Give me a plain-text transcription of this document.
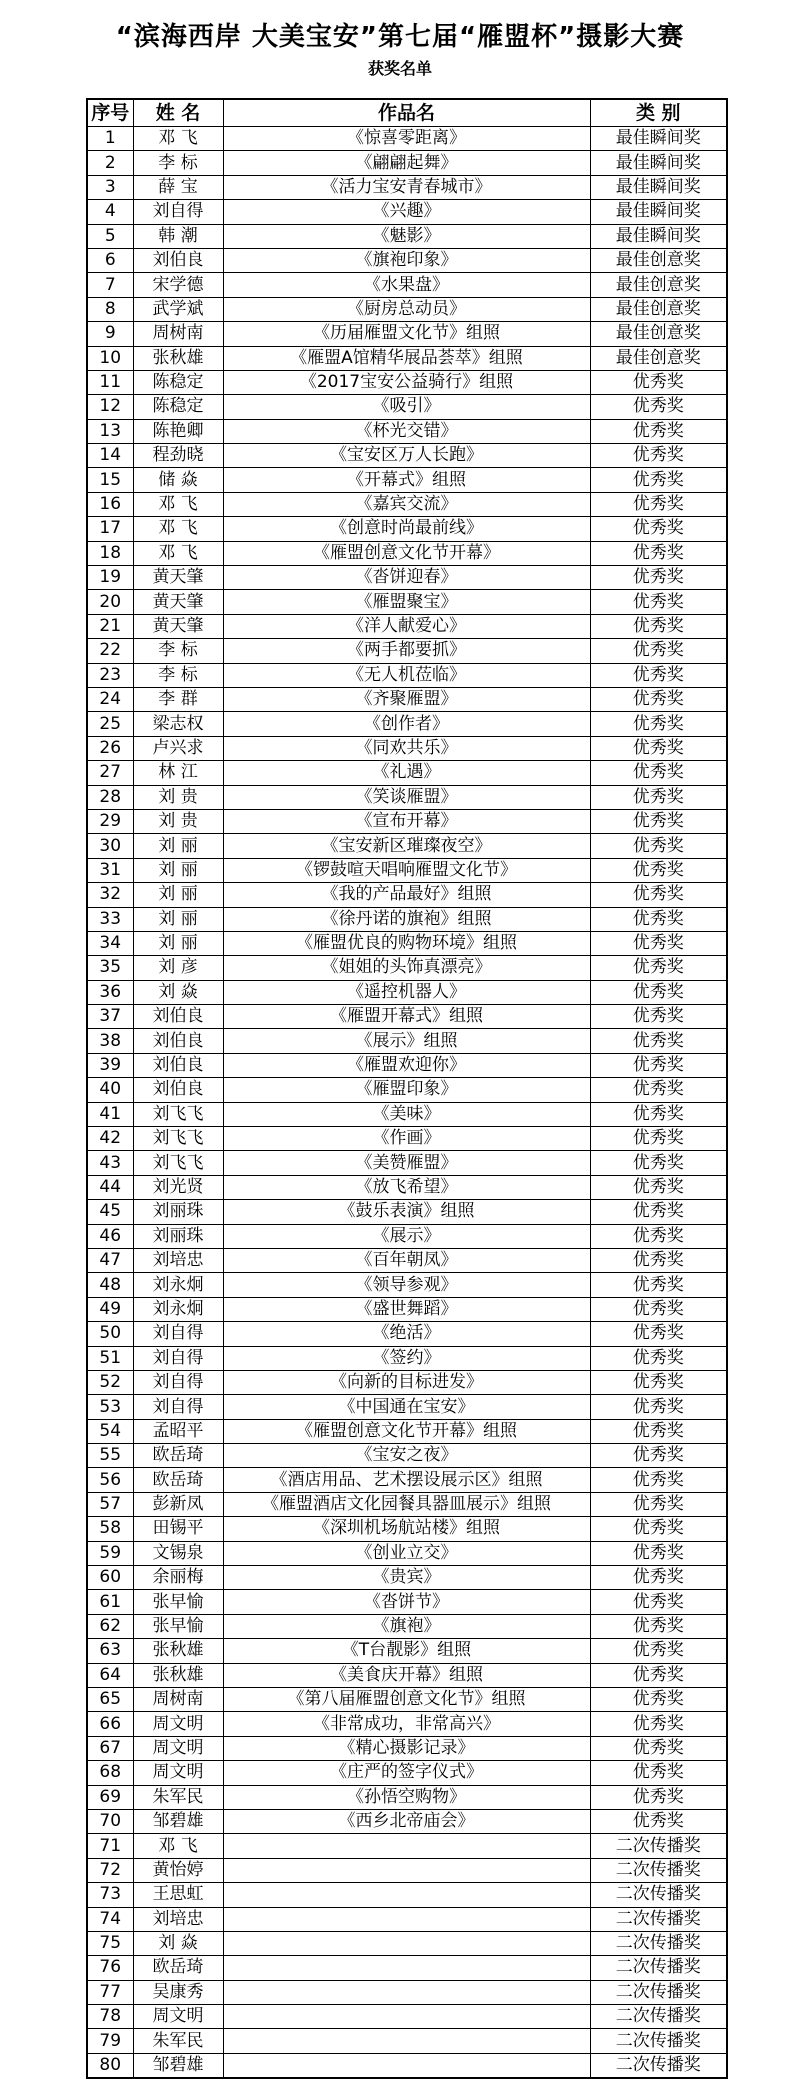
“滨海西岸 大美宝安”第七届“雁盟杯”摄影大赛
获奖名单
序号	姓 名	作品名	类 别
1	邓 飞	《惊喜零距离》	最佳瞬间奖
2	李 标	《翩翩起舞》	最佳瞬间奖
3	薛 宝	《活力宝安青春城市》	最佳瞬间奖
4	刘自得	《兴趣》	最佳瞬间奖
5	韩 潮	《魅影》	最佳瞬间奖
6	刘伯良	《旗袍印象》	最佳创意奖
7	宋学德	《水果盘》	最佳创意奖
8	武学斌	《厨房总动员》	最佳创意奖
9	周树南	《历届雁盟文化节》组照	最佳创意奖
10	张秋雄	《雁盟A馆精华展品荟萃》组照	最佳创意奖
11	陈稳定	《2017宝安公益骑行》组照	优秀奖
12	陈稳定	《吸引》	优秀奖
13	陈艳卿	《杯光交错》	优秀奖
14	程劲晓	《宝安区万人长跑》	优秀奖
15	储 焱	《开幕式》组照	优秀奖
16	邓 飞	《嘉宾交流》	优秀奖
17	邓 飞	《创意时尚最前线》	优秀奖
18	邓 飞	《雁盟创意文化节开幕》	优秀奖
19	黄天肇	《沓饼迎春》	优秀奖
20	黄天肇	《雁盟聚宝》	优秀奖
21	黄天肇	《洋人献爱心》	优秀奖
22	李 标	《两手都要抓》	优秀奖
23	李 标	《无人机莅临》	优秀奖
24	李 群	《齐聚雁盟》	优秀奖
25	梁志权	《创作者》	优秀奖
26	卢兴求	《同欢共乐》	优秀奖
27	林 江	《礼遇》	优秀奖
28	刘 贵	《笑谈雁盟》	优秀奖
29	刘 贵	《宣布开幕》	优秀奖
30	刘 丽	《宝安新区璀璨夜空》	优秀奖
31	刘 丽	《锣鼓喧天唱响雁盟文化节》	优秀奖
32	刘 丽	《我的产品最好》组照	优秀奖
33	刘 丽	《徐丹诺的旗袍》组照	优秀奖
34	刘 丽	《雁盟优良的购物环境》组照	优秀奖
35	刘 彦	《姐姐的头饰真漂亮》	优秀奖
36	刘 焱	《遥控机器人》	优秀奖
37	刘伯良	《雁盟开幕式》组照	优秀奖
38	刘伯良	《展示》组照	优秀奖
39	刘伯良	《雁盟欢迎你》	优秀奖
40	刘伯良	《雁盟印象》	优秀奖
41	刘飞飞	《美味》	优秀奖
42	刘飞飞	《作画》	优秀奖
43	刘飞飞	《美赞雁盟》	优秀奖
44	刘光贤	《放飞希望》	优秀奖
45	刘丽珠	《鼓乐表演》组照	优秀奖
46	刘丽珠	《展示》	优秀奖
47	刘培忠	《百年朝凤》	优秀奖
48	刘永炯	《领导参观》	优秀奖
49	刘永炯	《盛世舞蹈》	优秀奖
50	刘自得	《绝活》	优秀奖
51	刘自得	《签约》	优秀奖
52	刘自得	《向新的目标进发》	优秀奖
53	刘自得	《中国通在宝安》	优秀奖
54	孟昭平	《雁盟创意文化节开幕》组照	优秀奖
55	欧岳琦	《宝安之夜》	优秀奖
56	欧岳琦	《酒店用品、艺术摆设展示区》组照	优秀奖
57	彭新凤	《雁盟酒店文化园餐具器皿展示》组照	优秀奖
58	田锡平	《深圳机场航站楼》组照	优秀奖
59	文锡泉	《创业立交》	优秀奖
60	余丽梅	《贵宾》	优秀奖
61	张早愉	《沓饼节》	优秀奖
62	张早愉	《旗袍》	优秀奖
63	张秋雄	《T台靓影》组照	优秀奖
64	张秋雄	《美食庆开幕》组照	优秀奖
65	周树南	《第八届雁盟创意文化节》组照	优秀奖
66	周文明	《非常成功，非常高兴》	优秀奖
67	周文明	《精心摄影记录》	优秀奖
68	周文明	《庄严的签字仪式》	优秀奖
69	朱军民	《孙悟空购物》	优秀奖
70	邹碧雄	《西乡北帝庙会》	优秀奖
71	邓 飞		二次传播奖
72	黄怡婷		二次传播奖
73	王思虹		二次传播奖
74	刘培忠		二次传播奖
75	刘 焱		二次传播奖
76	欧岳琦		二次传播奖
77	吴康秀		二次传播奖
78	周文明		二次传播奖
79	朱军民		二次传播奖
80	邹碧雄		二次传播奖
